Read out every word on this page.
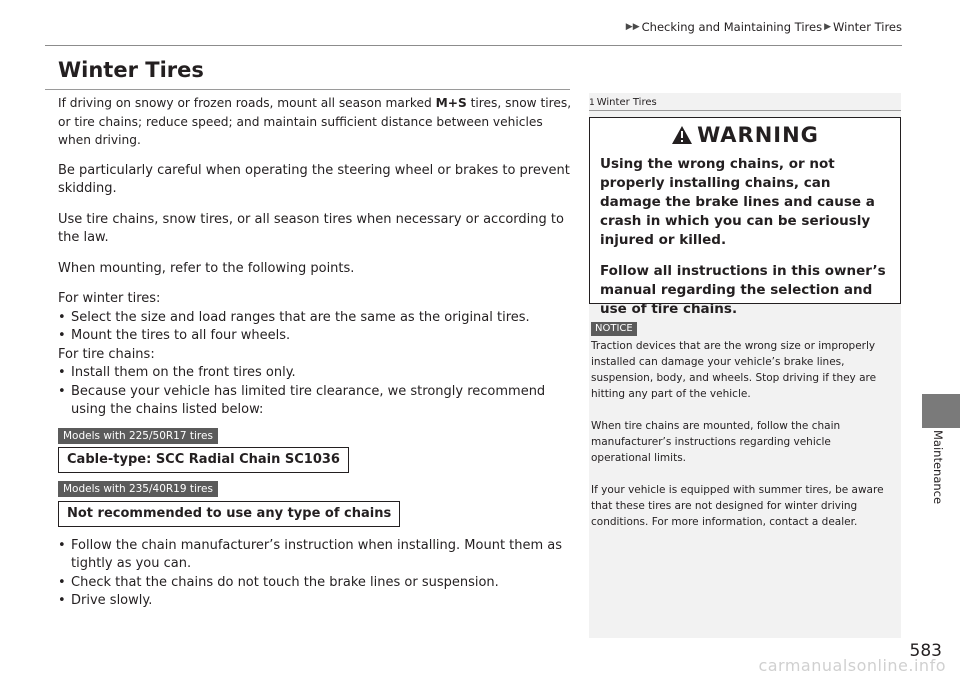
▶▶ Checking and Maintaining Tires ▶ Winter Tires
Winter Tires

If driving on snowy or frozen roads, mount all season marked M+S tires, snow tires, or tire chains; reduce speed; and maintain sufficient distance between vehicles when driving.

Be particularly careful when operating the steering wheel or brakes to prevent skidding.

Use tire chains, snow tires, or all season tires when necessary or according to the law.

When mounting, refer to the following points.

For winter tires:
• Select the size and load ranges that are the same as the original tires.
• Mount the tires to all four wheels.
For tire chains:
• Install them on the front tires only.
• Because your vehicle has limited tire clearance, we strongly recommend using the chains listed below:
Models with 225/50R17 tires
Cable-type: SCC Radial Chain SC1036
Models with 235/40R19 tires
Not recommended to use any type of chains
• Follow the chain manufacturer’s instruction when installing. Mount them as tightly as you can.
• Check that the chains do not touch the brake lines or suspension.
• Drive slowly.
1 Winter Tires
WARNING

Using the wrong chains, or not properly installing chains, can damage the brake lines and cause a crash in which you can be seriously injured or killed.

Follow all instructions in this owner’s manual regarding the selection and use of tire chains.

NOTICE

Traction devices that are the wrong size or improperly installed can damage your vehicle’s brake lines, suspension, body, and wheels. Stop driving if they are hitting any part of the vehicle.

When tire chains are mounted, follow the chain manufacturer’s instructions regarding vehicle operational limits.

If your vehicle is equipped with summer tires, be aware that these tires are not designed for winter driving conditions. For more information, contact a dealer.

Maintenance
583
carmanualsonline.info
